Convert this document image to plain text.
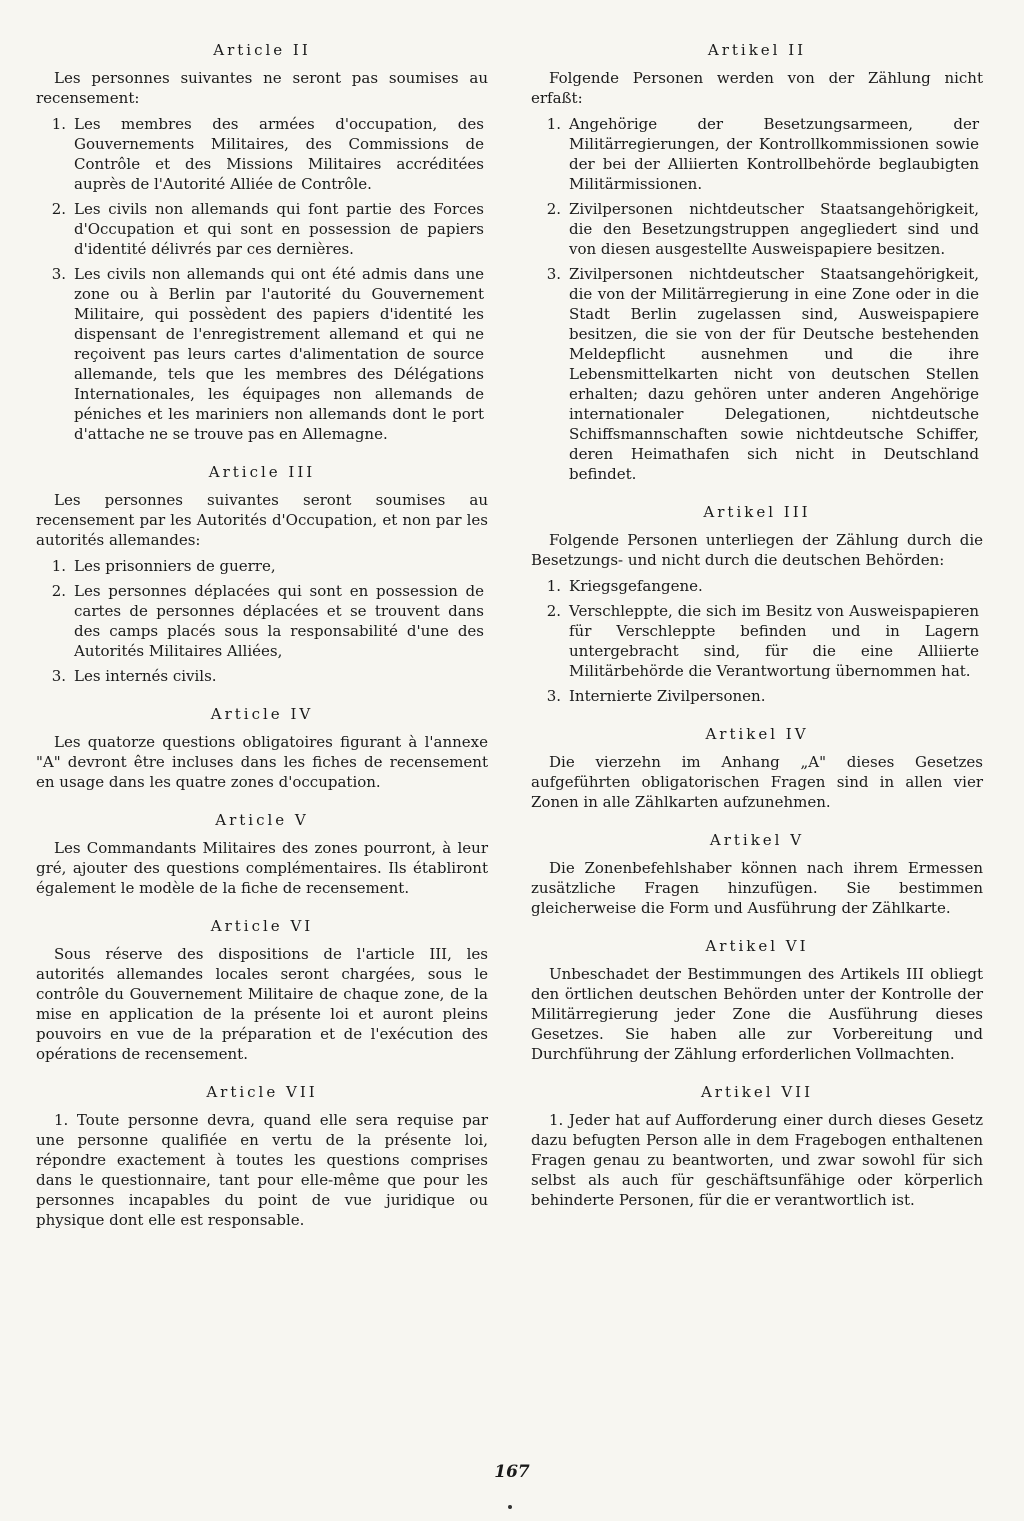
Article II

Les personnes suivantes ne seront pas soumises au recensement:

1. Les membres des armées d'occupation, des Gouvernements Militaires, des Commissions de Contrôle et des Missions Militaires accréditées auprès de l'Autorité Alliée de Contrôle.
2. Les civils non allemands qui font partie des Forces d'Occupation et qui sont en possession de papiers d'identité délivrés par ces dernières.
3. Les civils non allemands qui ont été admis dans une zone ou à Berlin par l'autorité du Gouvernement Militaire, qui possèdent des papiers d'identité les dispensant de l'enregistrement allemand et qui ne reçoivent pas leurs cartes d'alimentation de source allemande, tels que les membres des Délégations Internationales, les équipages non allemands de péniches et les mariniers non allemands dont le port d'attache ne se trouve pas en Allemagne.
Article III

Les personnes suivantes seront soumises au recensement par les Autorités d'Occupation, et non par les autorités allemandes:

1. Les prisonniers de guerre,
2. Les personnes déplacées qui sont en possession de cartes de personnes déplacées et se trouvent dans des camps placés sous la responsabilité d'une des Autorités Militaires Alliées,
3. Les internés civils.
Article IV

Les quatorze questions obligatoires figurant à l'annexe "A" devront être incluses dans les fiches de recensement en usage dans les quatre zones d'occupation.

Article V

Les Commandants Militaires des zones pourront, à leur gré, ajouter des questions complémentaires. Ils établiront également le modèle de la fiche de recensement.

Article VI

Sous réserve des dispositions de l'article III, les autorités allemandes locales seront chargées, sous le contrôle du Gouvernement Militaire de chaque zone, de la mise en application de la présente loi et auront pleins pouvoirs en vue de la préparation et de l'exécution des opérations de recensement.

Article VII

1. Toute personne devra, quand elle sera requise par une personne qualifiée en vertu de la présente loi, répondre exactement à toutes les questions comprises dans le questionnaire, tant pour elle-même que pour les personnes incapables du point de vue juridique ou physique dont elle est responsable.

Artikel II

Folgende Personen werden von der Zählung nicht erfaßt:

1. Angehörige der Besetzungsarmeen, der Militärregierungen, der Kontrollkommissionen sowie der bei der Alliierten Kontrollbehörde beglaubigten Militärmissionen.
2. Zivilpersonen nichtdeutscher Staatsangehörigkeit, die den Besetzungstruppen angegliedert sind und von diesen ausgestellte Ausweispapiere besitzen.
3. Zivilpersonen nichtdeutscher Staatsangehörigkeit, die von der Militärregierung in eine Zone oder in die Stadt Berlin zugelassen sind, Ausweispapiere besitzen, die sie von der für Deutsche bestehenden Meldepflicht ausnehmen und die ihre Lebensmittelkarten nicht von deutschen Stellen erhalten; dazu gehören unter anderen Angehörige internationaler Delegationen, nichtdeutsche Schiffsmannschaften sowie nichtdeutsche Schiffer, deren Heimathafen sich nicht in Deutschland befindet.
Artikel III

Folgende Personen unterliegen der Zählung durch die Besetzungs- und nicht durch die deutschen Behörden:

1. Kriegsgefangene.
2. Verschleppte, die sich im Besitz von Ausweispapieren für Verschleppte befinden und in Lagern untergebracht sind, für die eine Alliierte Militärbehörde die Verantwortung übernommen hat.
3. Internierte Zivilpersonen.
Artikel IV

Die vierzehn im Anhang „A" dieses Gesetzes aufgeführten obligatorischen Fragen sind in allen vier Zonen in alle Zählkarten aufzunehmen.

Artikel V

Die Zonenbefehlshaber können nach ihrem Ermessen zusätzliche Fragen hinzufügen. Sie bestimmen gleicherweise die Form und Ausführung der Zählkarte.

Artikel VI

Unbeschadet der Bestimmungen des Artikels III obliegt den örtlichen deutschen Behörden unter der Kontrolle der Militärregierung jeder Zone die Ausführung dieses Gesetzes. Sie haben alle zur Vorbereitung und Durchführung der Zählung erforderlichen Vollmachten.

Artikel VII

1. Jeder hat auf Aufforderung einer durch dieses Gesetz dazu befugten Person alle in dem Fragebogen enthaltenen Fragen genau zu beantworten, und zwar sowohl für sich selbst als auch für geschäftsunfähige oder körperlich behinderte Personen, für die er verantwortlich ist.

167
